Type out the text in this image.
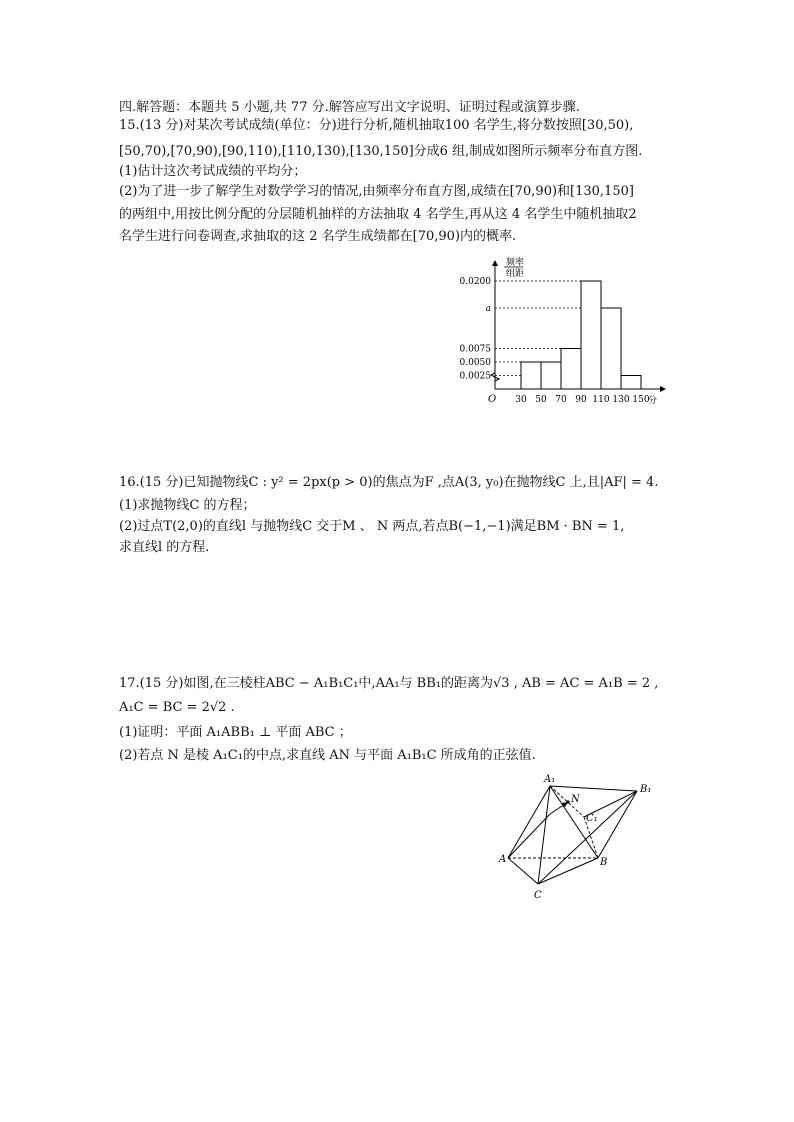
四.解答题：本题共 5 小题,共 77 分.解答应写出文字说明、证明过程或演算步骤.
15.(13 分)对某次考试成绩(单位：分)进行分析,随机抽取100 名学生,将分数按照[30,50),
[50,70),[70,90),[90,110),[110,130),[130,150]分成6 组,制成如图所示频率分布直方图.
(1)估计这次考试成绩的平均分；
(2)为了进一步了解学生对数学学习的情况,由频率分布直方图,成绩在[70,90)和[130,150]
的两组中,用按比例分配的分层随机抽样的方法抽取 4 名学生,再从这 4 名学生中随机抽取2
名学生进行问卷调查,求抽取的这 2 名学生成绩都在[70,90)内的概率.
频率
组距
O	分
0.0025
0.0050
0.0075
a
0.0200
30 50 70 90 110 130 150
16.(15 分)已知抛物线C : y² = 2px(p > 0)的焦点为F ,点A(3, y₀)在抛物线C 上,且|AF| = 4.
(1)求抛物线C 的方程；
(2)过点T(2,0)的直线l 与抛物线C 交于M 、 N 两点,若点B(−1,−1)满足BM · BN = 1,
求直线l 的方程.
17.(15 分)如图,在三棱柱ABC − A₁B₁C₁中,AA₁与 BB₁的距离为√3 , AB = AC = A₁B = 2 ,
A₁C = BC = 2√2 .
(1)证明：平面 A₁ABB₁ ⊥ 平面 ABC ；
(2)若点 N 是棱 A₁C₁的中点,求直线 AN 与平面 A₁B₁C 所成角的正弦值.
A₁
B₁
N
C₁
A	B
C
